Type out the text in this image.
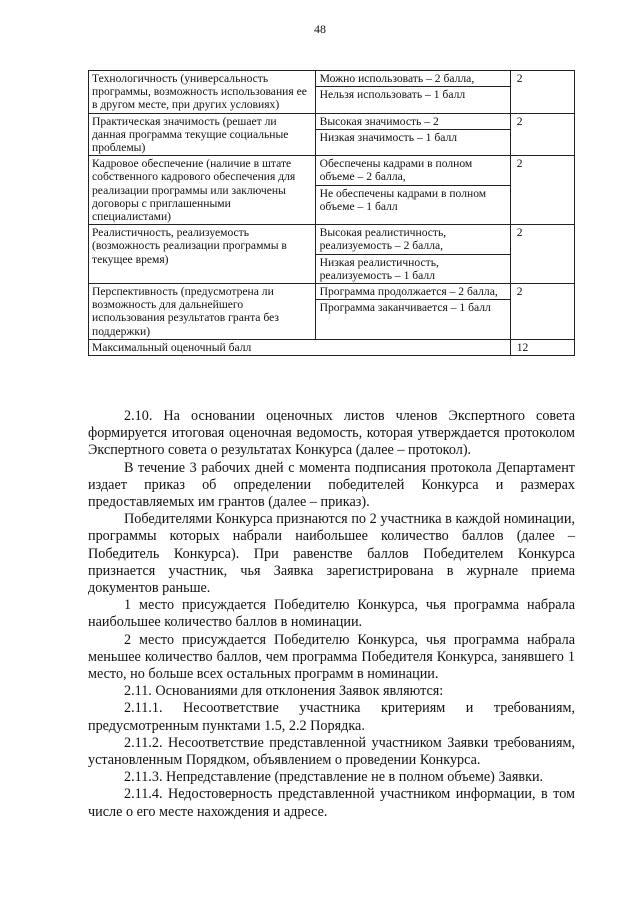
48
Технологичность (универсальность программы, возможность использования ее в другом месте, при других условиях)	Можно использовать – 2 балла,
Нельзя использовать – 1 балл	2
Практическая значимость (решает ли данная программа текущие социальные проблемы)	Высокая значимость – 2
Низкая значимость – 1 балл	2
Кадровое обеспечение (наличие в штате собственного кадрового обеспечения для реализации программы или заключены договоры с приглашенными специалистами)	Обеспечены кадрами в полном объеме – 2 балла,
Не обеспечены кадрами в полном объеме – 1 балл	2
Реалистичность, реализуемость (возможность реализации программы в текущее время)	Высокая реалистичность, реализуемость – 2 балла,
Низкая реалистичность, реализуемость – 1 балл	2
Перспективность (предусмотрена ли возможность для дальнейшего использования результатов гранта без поддержки)	Программа продолжается – 2 балла,
Программа заканчивается – 1 балл	2
Максимальный оценочный балл		12

2.10. На основании оценочных листов членов Экспертного совета формируется итоговая оценочная ведомость, которая утверждается протоколом Экспертного совета о результатах Конкурса (далее – протокол).

В течение 3 рабочих дней с момента подписания протокола Департамент издает приказ об определении победителей Конкурса и размерах предоставляемых им грантов (далее – приказ).

Победителями Конкурса признаются по 2 участника в каждой номинации, программы которых набрали наибольшее количество баллов (далее – Победитель Конкурса). При равенстве баллов Победителем Конкурса признается участник, чья Заявка зарегистрирована в журнале приема документов раньше.

1 место присуждается Победителю Конкурса, чья программа набрала наибольшее количество баллов в номинации.

2 место присуждается Победителю Конкурса, чья программа набрала меньшее количество баллов, чем программа Победителя Конкурса, занявшего 1 место, но больше всех остальных программ в номинации.

2.11. Основаниями для отклонения Заявок являются:

2.11.1. Несоответствие участника критериям и требованиям, предусмотренным пунктами 1.5, 2.2 Порядка.

2.11.2. Несоответствие представленной участником Заявки требованиям, установленным Порядком, объявлением о проведении Конкурса.

2.11.3. Непредставление (представление не в полном объеме) Заявки.

2.11.4. Недостоверность представленной участником информации, в том числе о его месте нахождения и адресе.
